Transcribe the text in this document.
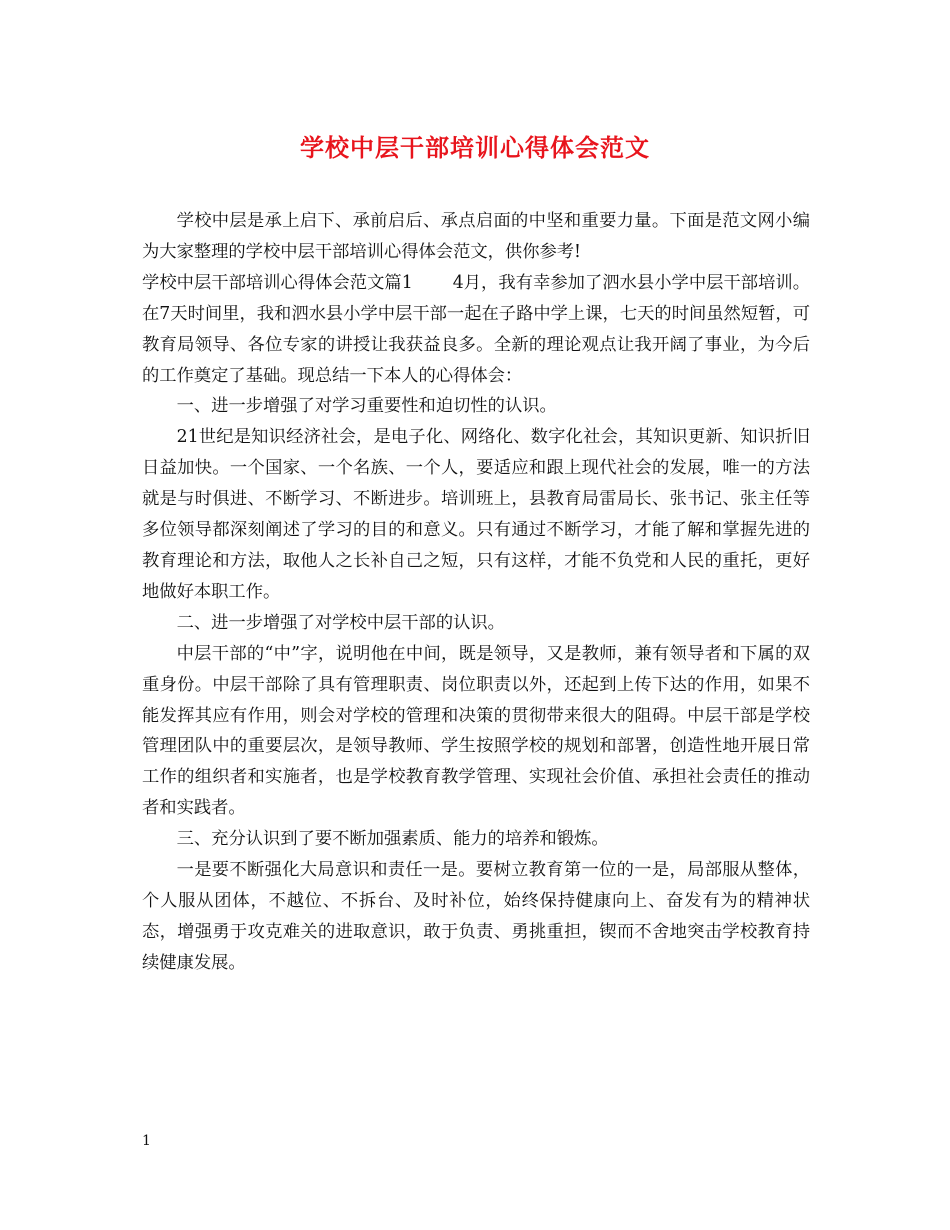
学校中层干部培训心得体会范文

学校中层是承上启下、承前启后、承点启面的中坚和重要力量。下面是范文网小编为大家整理的学校中层干部培训心得体会范文，供你参考!

学校中层干部培训心得体会范文篇1 4月，我有幸参加了泗水县小学中层干部培训。在7天时间里，我和泗水县小学中层干部一起在子路中学上课，七天的时间虽然短暂，可教育局领导、各位专家的讲授让我获益良多。全新的理论观点让我开阔了事业，为今后的工作奠定了基础。现总结一下本人的心得体会：

一、进一步增强了对学习重要性和迫切性的认识。

21世纪是知识经济社会，是电子化、网络化、数字化社会，其知识更新、知识折旧日益加快。一个国家、一个名族、一个人，要适应和跟上现代社会的发展，唯一的方法就是与时俱进、不断学习、不断进步。培训班上，县教育局雷局长、张书记、张主任等多位领导都深刻阐述了学习的目的和意义。只有通过不断学习，才能了解和掌握先进的教育理论和方法，取他人之长补自己之短，只有这样，才能不负党和人民的重托，更好地做好本职工作。

二、进一步增强了对学校中层干部的认识。

中层干部的“中”字，说明他在中间，既是领导，又是教师，兼有领导者和下属的双重身份。中层干部除了具有管理职责、岗位职责以外，还起到上传下达的作用，如果不能发挥其应有作用，则会对学校的管理和决策的贯彻带来很大的阻碍。中层干部是学校管理团队中的重要层次，是领导教师、学生按照学校的规划和部署，创造性地开展日常工作的组织者和实施者，也是学校教育教学管理、实现社会价值、承担社会责任的推动者和实践者。

三、充分认识到了要不断加强素质、能力的培养和锻炼。

一是要不断强化大局意识和责任一是。要树立教育第一位的一是，局部服从整体，个人服从团体，不越位、不拆台、及时补位，始终保持健康向上、奋发有为的精神状态，增强勇于攻克难关的进取意识，敢于负责、勇挑重担，锲而不舍地突击学校教育持续健康发展。

1
